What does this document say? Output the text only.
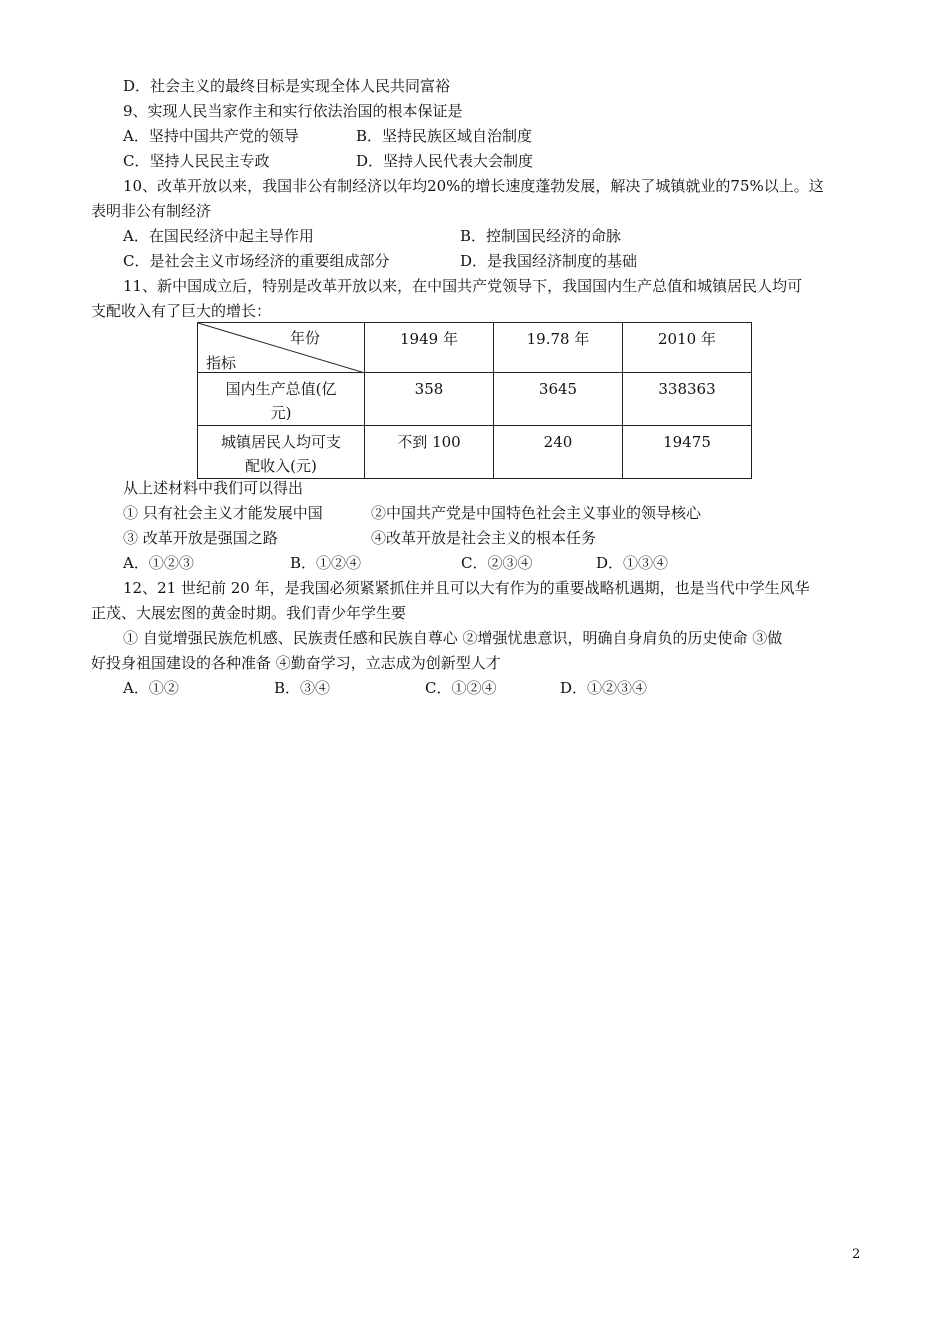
D．社会主义的最终目标是实现全体人民共同富裕
9、实现人民当家作主和实行依法治国的根本保证是
A．坚持中国共产党的领导	B．坚持民族区域自治制度
C．坚持人民民主专政	D．坚持人民代表大会制度
10、改革开放以来，我国非公有制经济以年均20%的增长速度蓬勃发展，解决了城镇就业的75%以上。这
表明非公有制经济
A．在国民经济中起主导作用	B．控制国民经济的命脉
C．是社会主义市场经济的重要组成部分	D．是我国经济制度的基础
11、新中国成立后，特别是改革开放以来，在中国共产党领导下，我国国内生产总值和城镇居民人均可
支配收入有了巨大的增长：
年份
指标	1949 年	19.78 年	2010 年

国内生产总值(亿
元)	358	3645	338363

城镇居民人均可支
配收入(元)	不到 100	240	19475
从上述材料中我们可以得出
① 只有社会主义才能发展中国	②中国共产党是中国特色社会主义事业的领导核心
③ 改革开放是强国之路	④改革开放是社会主义的根本任务
A．①②③	B．①②④	C．②③④	D．①③④
12、21 世纪前 20 年，是我国必须紧紧抓住并且可以大有作为的重要战略机遇期，也是当代中学生风华
正茂、大展宏图的黄金时期。我们青少年学生要
① 自觉增强民族危机感、民族责任感和民族自尊心 ②增强忧患意识，明确自身肩负的历史使命 ③做
好投身祖国建设的各种准备 ④勤奋学习，立志成为创新型人才
A．①②	B．③④	C．①②④	D．①②③④
2
